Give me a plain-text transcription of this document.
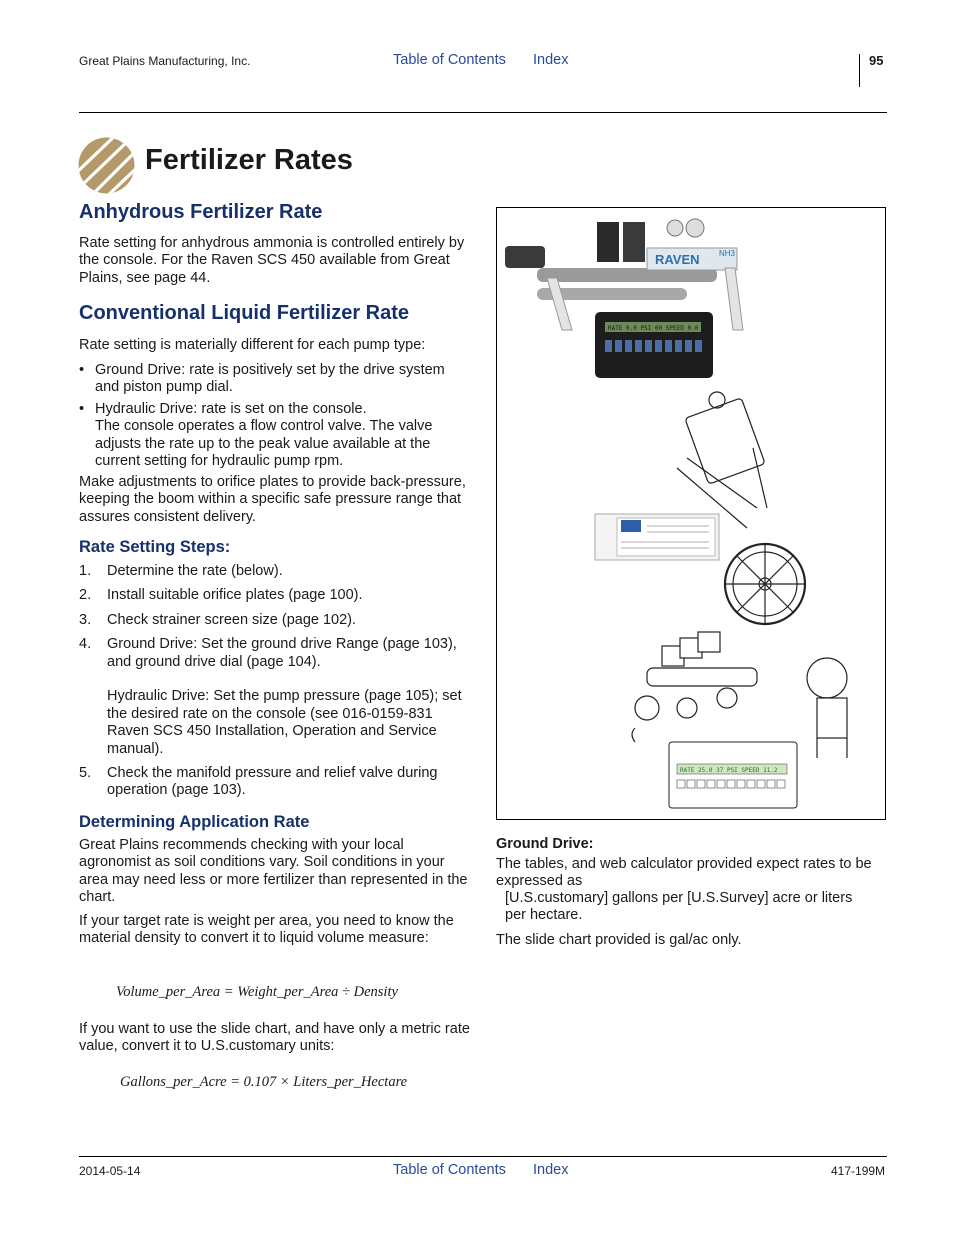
Great Plains Manufacturing, Inc.	Table of Contents Index	95
Fertilizer Rates
Anhydrous Fertilizer Rate

Rate setting for anhydrous ammonia is controlled entirely by the console. For the Raven SCS 450 available from Great Plains, see page 44.

Conventional Liquid Fertilizer Rate

Rate setting is materially different for each pump type:

• Ground Drive: rate is positively set by the drive system and piston pump dial.
• Hydraulic Drive: rate is set on the console.
The console operates a flow control valve. The valve adjusts the rate up to the peak value available at the current setting for hydraulic pump rpm.

Make adjustments to orifice plates to provide back-pressure, keeping the boom within a specific safe pressure range that assures consistent delivery.

Rate Setting Steps:
1. Determine the rate (below).
2. Install suitable orifice plates (page 100).
3. Check strainer screen size (page 102).
4. Ground Drive: Set the ground drive Range (page 103), and ground drive dial (page 104).

Hydraulic Drive: Set the pump pressure (page 105); set the desired rate on the console (see 016-0159-831 Raven SCS 450 Installation, Operation and Service manual).
5. Check the manifold pressure and relief valve during operation (page 103).
Determining Application Rate

Great Plains recommends checking with your local agronomist as soil conditions vary. Soil conditions in your area may need less or more fertilizer than represented in the chart.

If your target rate is weight per area, you need to know the material density to convert it to liquid volume measure:

Volume_per_Area = Weight_per_Area ÷ Density

If you want to use the slide chart, and have only a metric rate value, convert it to U.S.customary units:

Gallons_per_Acre = 0.107 × Liters_per_Hectare
RAVEN NH3
RATE 0.0 PSI 00 SPEED 0.0
RATE 25.0 37 PSI SPEED 11.2
Ground Drive:

The tables, and web calculator provided expect rates to be expressed as

[U.S.customary] gallons per [U.S.Survey] acre or liters per hectare.

The slide chart provided is gal/ac only.

2014-05-14	Table of Contents Index	417-199M
